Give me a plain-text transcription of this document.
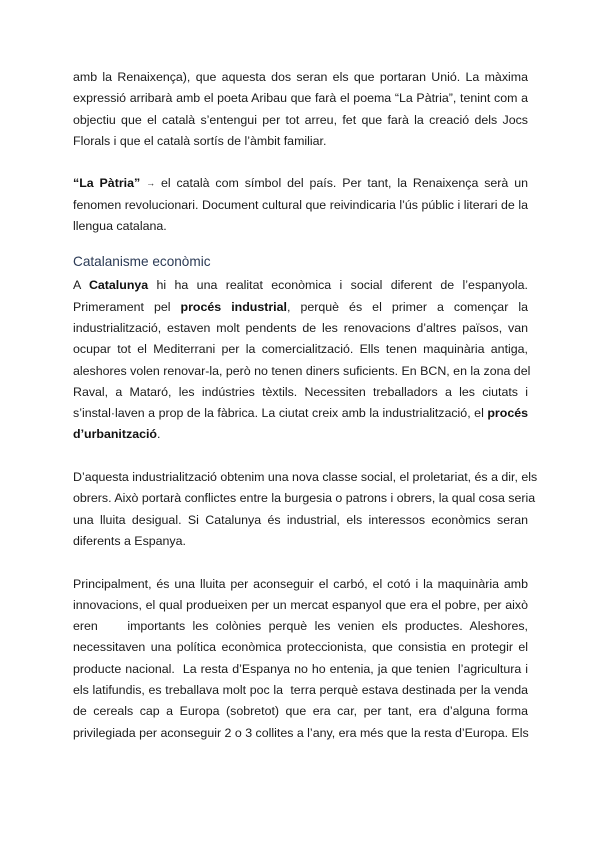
amb la Renaixença), que aquesta dos seran els que portaran Unió. La màxima
expressió arribarà amb el poeta Aribau que farà el poema “La Pàtria”, tenint com a
objectiu que el català s’entengui per tot arreu, fet que farà la creació dels Jocs
Florals i que el català sortís de l’àmbit familiar.
“La Pàtria” → el català com símbol del país. Per tant, la Renaixença serà un
fenomen revolucionari. Document cultural que reivindicaria l’ús públic i literari de la
llengua catalana.
Catalanisme econòmic
A Catalunya hi ha una realitat econòmica i social diferent de l’espanyola.
Primerament pel procés industrial, perquè és el primer a començar la
industrialització, estaven molt pendents de les renovacions d’altres països, van
ocupar tot el Mediterrani per la comercialització. Ells tenen maquinària antiga,
aleshores volen renovar-la, però no tenen diners suficients. En BCN, en la zona del
Raval, a Mataró, les indústries tèxtils. Necessiten treballadors a les ciutats i
s’instal·laven a prop de la fàbrica. La ciutat creix amb la industrialització, el procés
d’urbanització.
D’aquesta industrialització obtenim una nova classe social, el proletariat, és a dir, els
obrers. Això portarà conflictes entre la burgesia o patrons i obrers, la qual cosa seria
una lluita desigual. Si Catalunya és industrial, els interessos econòmics seran
diferents a Espanya.
Principalment, és una lluita per aconseguir el carbó, el cotó i la maquinària amb
innovacions, el qual produeixen per un mercat espanyol que era el pobre, per això
eren    importants les colònies perquè les venien els productes. Aleshores,
necessitaven una política econòmica proteccionista, que consistia en protegir el
producte nacional.  La resta d’Espanya no ho entenia, ja que tenien  l’agricultura i
els latifundis, es treballava molt poc la  terra perquè estava destinada per la venda
de cereals cap a Europa (sobretot) que era car, per tant, era d’alguna forma
privilegiada per aconseguir 2 o 3 collites a l’any, era més que la resta d’Europa. Els
